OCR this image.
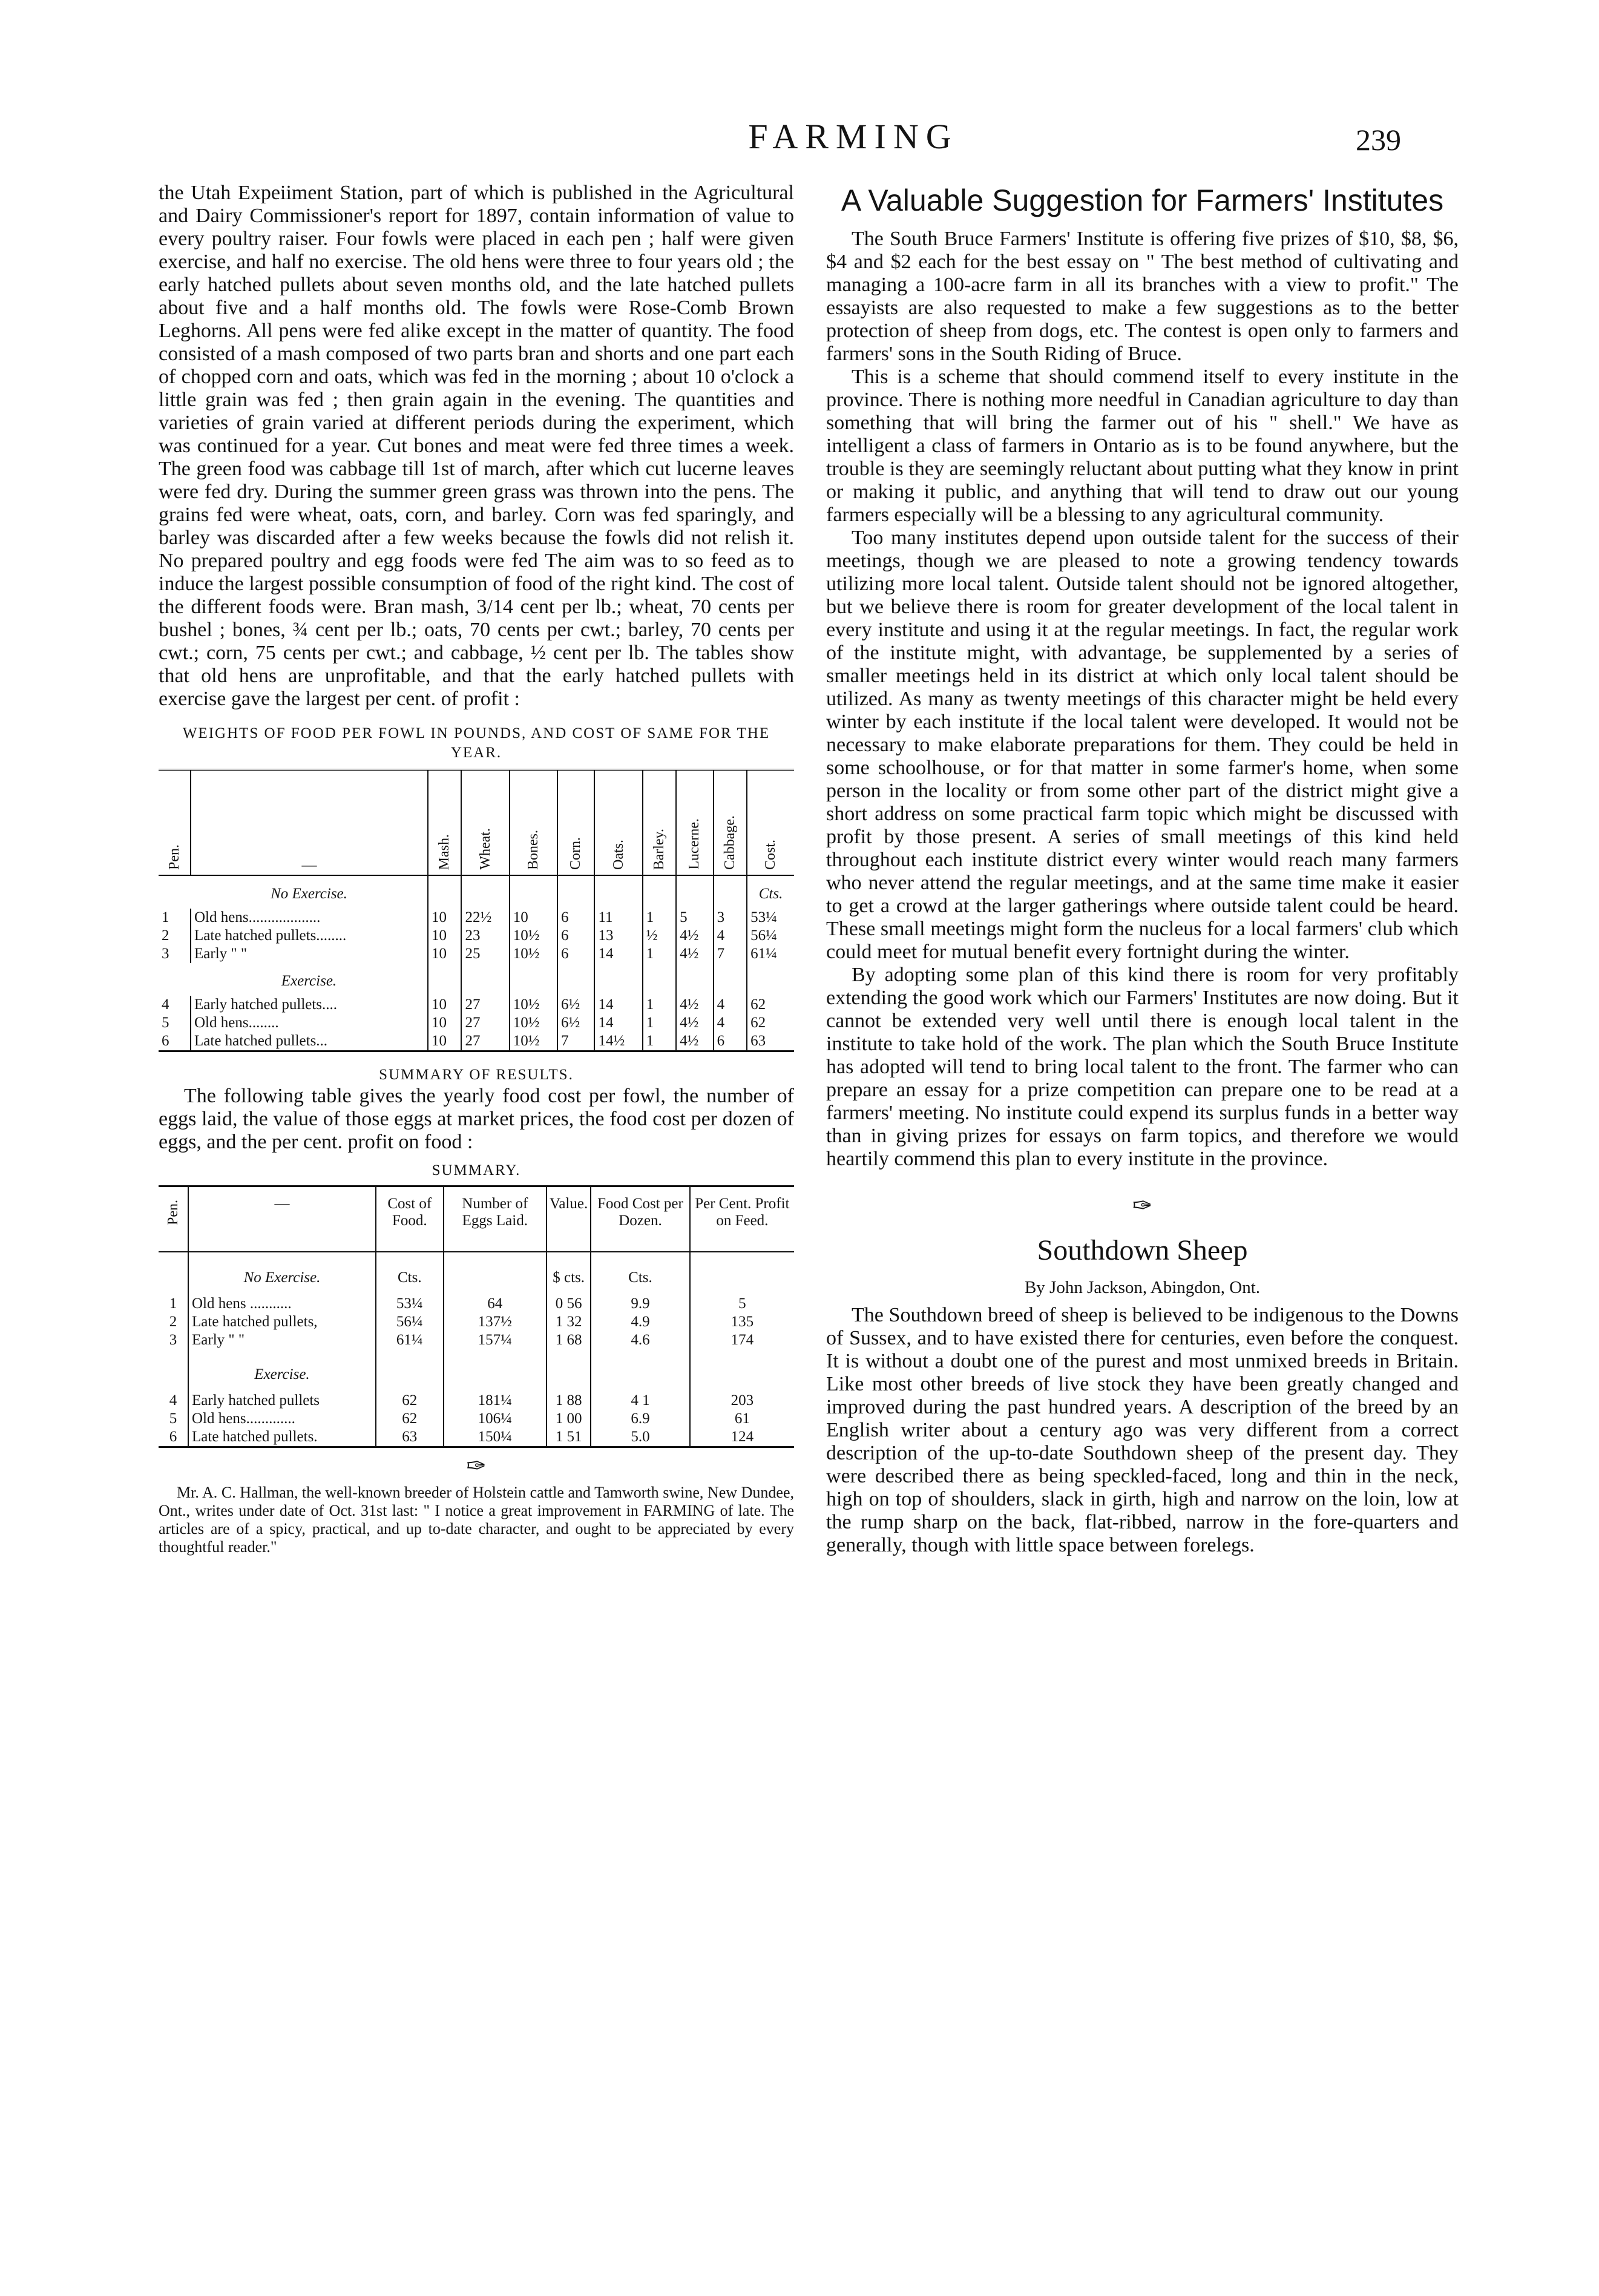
FARMING	239

the Utah Expeiiment Station, part of which is published in the Agricultural and Dairy Commissioner's report for 1897, contain information of value to every poultry raiser. Four fowls were placed in each pen ; half were given exercise, and half no exercise. The old hens were three to four years old ; the early hatched pullets about seven months old, and the late hatched pullets about five and a half months old. The fowls were Rose-Comb Brown Leghorns. All pens were fed alike except in the matter of quantity. The food consisted of a mash composed of two parts bran and shorts and one part each of chopped corn and oats, which was fed in the morning ; about 10 o'clock a little grain was fed ; then grain again in the evening. The quantities and varieties of grain varied at different periods during the experiment, which was continued for a year. Cut bones and meat were fed three times a week. The green food was cabbage till 1st of march, after which cut lucerne leaves were fed dry. During the summer green grass was thrown into the pens. The grains fed were wheat, oats, corn, and barley. Corn was fed sparingly, and barley was discarded after a few weeks because the fowls did not relish it. No prepared poultry and egg foods were fed The aim was to so feed as to induce the largest possible consumption of food of the right kind. The cost of the different foods were. Bran mash, 3/14 cent per lb.; wheat, 70 cents per bushel ; bones, ¾ cent per lb.; oats, 70 cents per cwt.; barley, 70 cents per cwt.; corn, 75 cents per cwt.; and cabbage, ½ cent per lb. The tables show that old hens are unprofitable, and that the early hatched pullets with exercise gave the largest per cent. of profit :

WEIGHTS OF FOOD PER FOWL IN POUNDS, AND COST OF SAME FOR THE YEAR.
Pen.	—	Mash.	Wheat.	Bones.	Corn.	Oats.	Barley.	Lucerne.	Cabbage.	Cost.
	No Exercise.									Cts.
1	Old hens...................	10	22½	10	6	11	1	5	3	53¼
2	Late hatched pullets........	10	23	10½	6	13	½	4½	4	56¼
3	Early " "	10	25	10½	6	14	1	4½	7	61¼
	Exercise.									
4	Early hatched pullets....	10	27	10½	6½	14	1	4½	4	62
5	Old hens........	10	27	10½	6½	14	1	4½	4	62
6	Late hatched pullets...	10	27	10½	7	14½	1	4½	6	63
SUMMARY OF RESULTS.

The following table gives the yearly food cost per fowl, the number of eggs laid, the value of those eggs at market prices, the food cost per dozen of eggs, and the per cent. profit on food :

SUMMARY.
Pen.	—	Cost of Food.	Number of Eggs Laid.	Value.	Food Cost per Dozen.	Per Cent. Profit on Feed.
	No Exercise.	Cts.		$ cts.	Cts.	
1	Old hens ...........	53¼	64	0 56	9.9	5
2	Late hatched pullets,	56¼	137½	1 32	4.9	135
3	Early " "	61¼	157¼	1 68	4.6	174
	Exercise.					
4	Early hatched pullets	62	181¼	1 88	4 1	203
5	Old hens.............	62	106¼	1 00	6.9	61
6	Late hatched pullets.	63	150¼	1 51	5.0	124
✑

Mr. A. C. Hallman, the well-known breeder of Holstein cattle and Tamworth swine, New Dundee, Ont., writes under date of Oct. 31st last: " I notice a great improvement in FARMING of late. The articles are of a spicy, practical, and up to-date character, and ought to be appreciated by every thoughtful reader."

A Valuable Suggestion for Farmers' Institutes

The South Bruce Farmers' Institute is offering five prizes of $10, $8, $6, $4 and $2 each for the best essay on " The best method of cultivating and managing a 100-acre farm in all its branches with a view to profit." The essayists are also requested to make a few suggestions as to the better protection of sheep from dogs, etc. The contest is open only to farmers and farmers' sons in the South Riding of Bruce.

This is a scheme that should commend itself to every institute in the province. There is nothing more needful in Canadian agriculture to day than something that will bring the farmer out of his " shell." We have as intelligent a class of farmers in Ontario as is to be found anywhere, but the trouble is they are seemingly reluctant about putting what they know in print or making it public, and anything that will tend to draw out our young farmers especially will be a blessing to any agricultural community.

Too many institutes depend upon outside talent for the success of their meetings, though we are pleased to note a growing tendency towards utilizing more local talent. Outside talent should not be ignored altogether, but we believe there is room for greater development of the local talent in every institute and using it at the regular meetings. In fact, the regular work of the institute might, with advantage, be supplemented by a series of smaller meetings held in its district at which only local talent should be utilized. As many as twenty meetings of this character might be held every winter by each institute if the local talent were developed. It would not be necessary to make elaborate preparations for them. They could be held in some schoolhouse, or for that matter in some farmer's home, when some person in the locality or from some other part of the district might give a short address on some practical farm topic which might be discussed with profit by those present. A series of small meetings of this kind held throughout each institute district every winter would reach many farmers who never attend the regular meetings, and at the same time make it easier to get a crowd at the larger gatherings where outside talent could be heard. These small meetings might form the nucleus for a local farmers' club which could meet for mutual benefit every fortnight during the winter.

By adopting some plan of this kind there is room for very profitably extending the good work which our Farmers' Institutes are now doing. But it cannot be extended very well until there is enough local talent in the institute to take hold of the work. The plan which the South Bruce Institute has adopted will tend to bring local talent to the front. The farmer who can prepare an essay for a prize competition can prepare one to be read at a farmers' meeting. No institute could expend its surplus funds in a better way than in giving prizes for essays on farm topics, and therefore we would heartily commend this plan to every institute in the province.

✑
Southdown Sheep
By John Jackson, Abingdon, Ont.

The Southdown breed of sheep is believed to be indigenous to the Downs of Sussex, and to have existed there for centuries, even before the conquest. It is without a doubt one of the purest and most unmixed breeds in Britain. Like most other breeds of live stock they have been greatly changed and improved during the past hundred years. A description of the breed by an English writer about a century ago was very different from a correct description of the up-to-date Southdown sheep of the present day. They were described there as being speckled-faced, long and thin in the neck, high on top of shoulders, slack in girth, high and narrow on the loin, low at the rump sharp on the back, flat-ribbed, narrow in the fore-quarters and generally, though with little space between forelegs.
